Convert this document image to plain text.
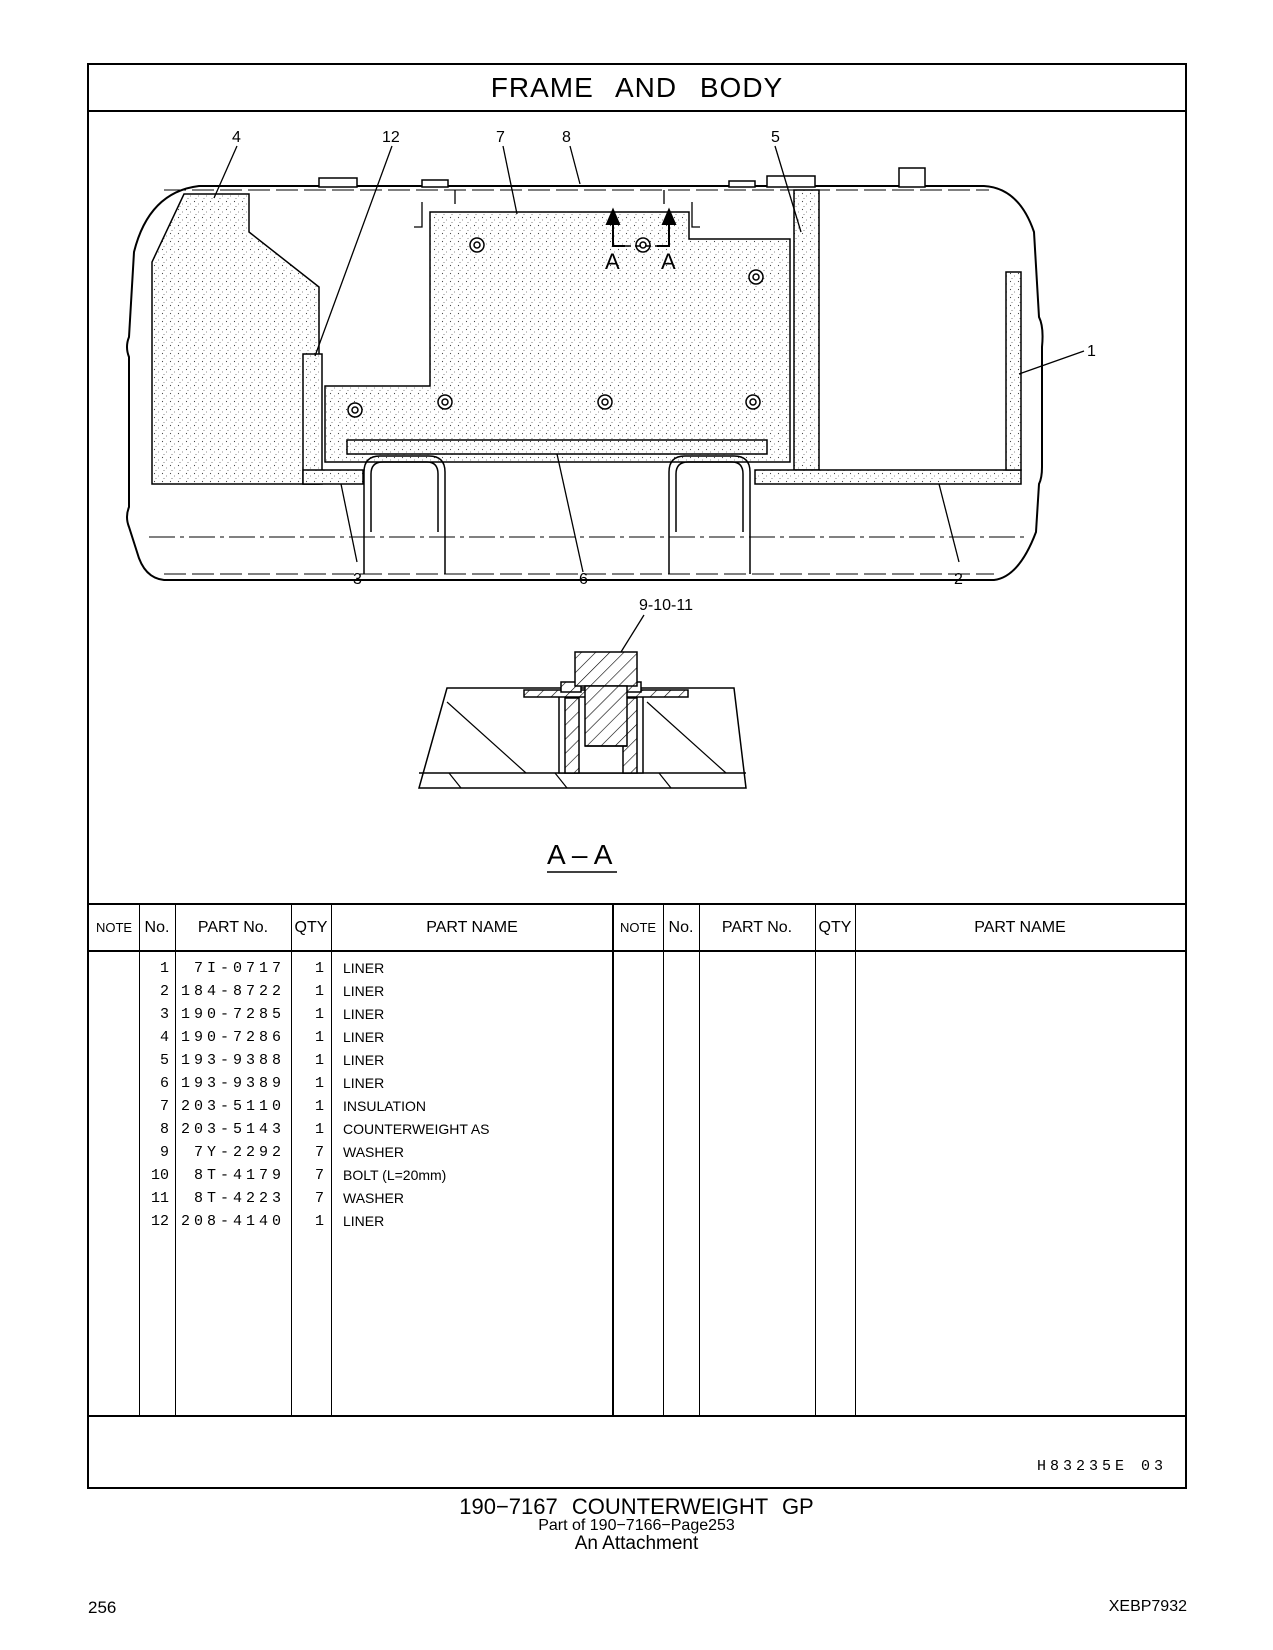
FRAME AND BODY
A A
4	12	7	8	5
1
3	6	2
9-10-11
A – A
NOTE No.	PART No.	QTY	PART NAME	NOTE No.	PART No.	QTY	PART NAME
1	7I-0717	1 LINER
2 184-8722	1 LINER
3 190-7285	1 LINER
4 190-7286	1 LINER
5 193-9388	1 LINER
6 193-9389	1 LINER
7 203-5110	1 INSULATION
8 203-5143	1 COUNTERWEIGHT AS
9	7Y-2292	7 WASHER
10	8T-4179	7 BOLT (L=20mm)
11	8T-4223	7 WASHER
12 208-4140	1 LINER
H83235E 03
190−7167 COUNTERWEIGHT GP
Part of 190−7166−Page253
An Attachment
256	XEBP7932
